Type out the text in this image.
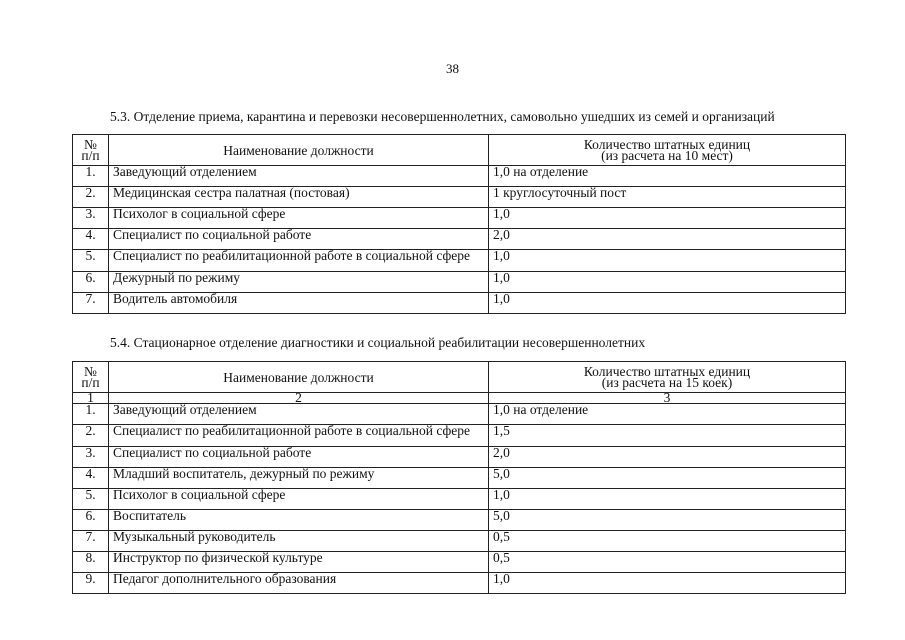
38
5.3. Отделение приема, карантина и перевозки несовершеннолетних, самовольно ушедших из семей и организаций
№ п/п	Наименование должности	Количество штатных единиц
(из расчета на 10 мест)

1.	Заведующий отделением	1,0 на отделение
2.	Медицинская сестра палатная (постовая)	1 круглосуточный пост
3.	Психолог в социальной сфере	1,0
4.	Специалист по социальной работе	2,0
5.	Специалист по реабилитационной работе в социальной сфере	1,0
6.	Дежурный по режиму	1,0
7.	Водитель автомобиля	1,0
5.4. Стационарное отделение диагностики и социальной реабилитации несовершеннолетних
№ п/п	Наименование должности	Количество штатных единиц
(из расчета на 15 коек)

1	2	3
1.	Заведующий отделением	1,0 на отделение
2.	Специалист по реабилитационной работе в социальной сфере	1,5
3.	Специалист по социальной работе	2,0
4.	Младший воспитатель, дежурный по режиму	5,0
5.	Психолог в социальной сфере	1,0
6.	Воспитатель	5,0
7.	Музыкальный руководитель	0,5
8.	Инструктор по физической культуре	0,5
9.	Педагог дополнительного образования	1,0
